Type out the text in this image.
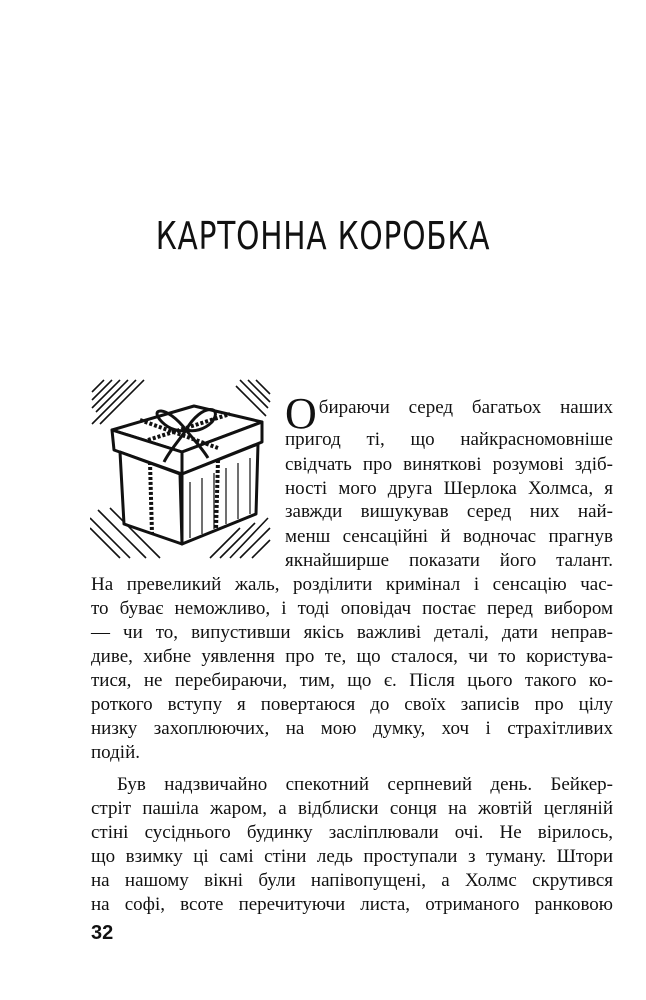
КАРТОННА КОРОБКА
Обираючи серед багатьох наших
пригод ті, що найкрасномовніше
свідчать про виняткові розумові здіб-
ності мого друга Шерлока Холмса, я
завжди вишукував серед них най-
менш сенсаційні й водночас прагнув
якнайширше показати його талант.
На превеликий жаль, розділити кримінал і сенсацію час-
то буває неможливо, і тоді оповідач постає перед вибором
— чи то, випустивши якісь важливі деталі, дати неправ-
диве, хибне уявлення про те, що сталося, чи то користува-
тися, не перебираючи, тим, що є. Після цього такого ко-
роткого вступу я повертаюся до своїх записів про цілу
низку захоплюючих, на мою думку, хоч і страхітливих
подій.
Був надзвичайно спекотний серпневий день. Бейкер-
стріт пашіла жаром, а відблиски сонця на жовтій цегляній
стіні сусіднього будинку засліплювали очі. Не вірилось,
що взимку ці самі стіни ледь проступали з туману. Штори
на нашому вікні були напівопущені, а Холмс скрутився
на софі, всоте перечитуючи листа, отриманого ранковою
32
